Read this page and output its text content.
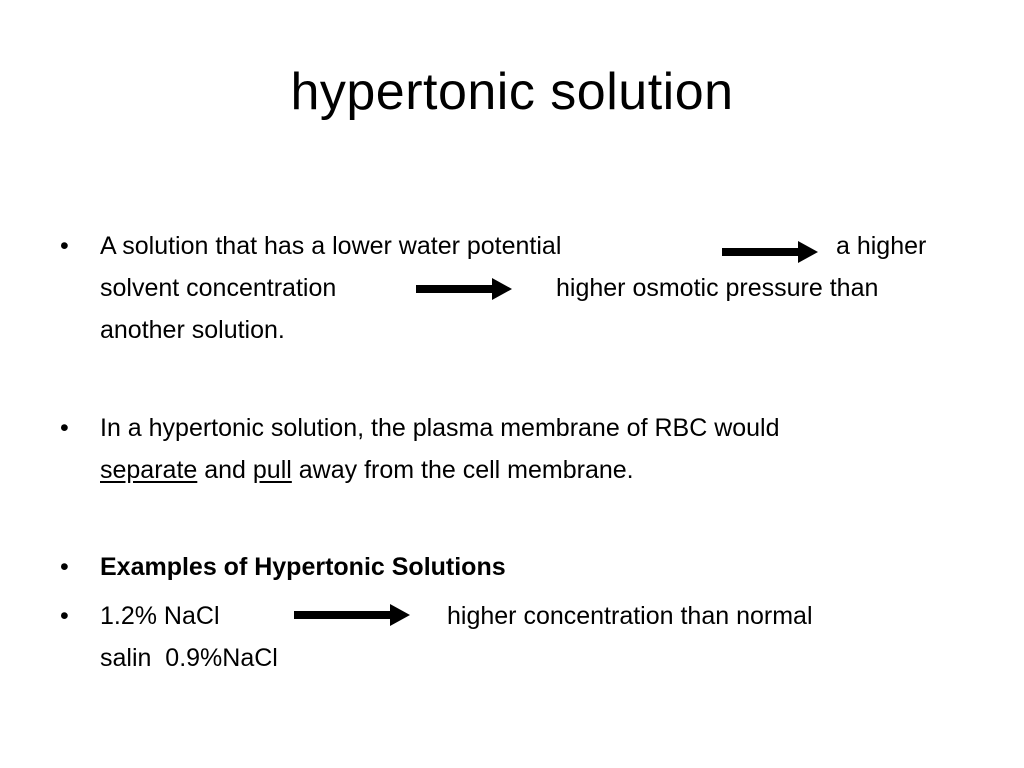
hypertonic solution
• A solution that has a lower water potential	a higher
solvent concentration	higher osmotic pressure than
another solution.
• In a hypertonic solution, the plasma membrane of RBC would
separate and pull away from the cell membrane.
• Examples of Hypertonic Solutions
• 1.2% NaCl	higher concentration than normal
salin  0.9%NaCl
